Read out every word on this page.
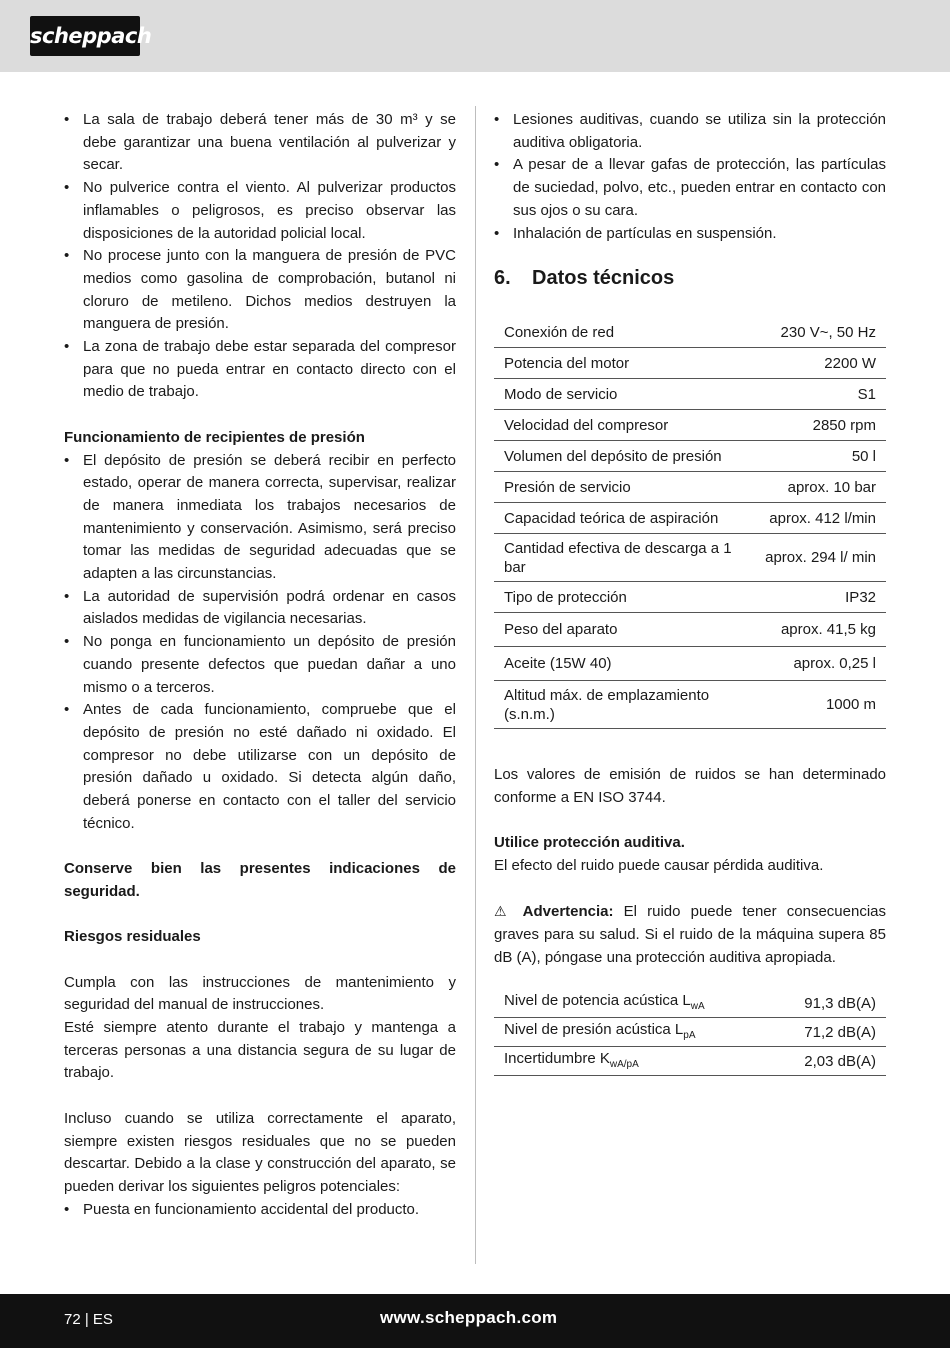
scheppach
• La sala de trabajo deberá tener más de 30 m³ y se debe garantizar una buena ventilación al pulverizar y secar.
• No pulverice contra el viento. Al pulverizar productos inflamables o peligrosos, es preciso observar las disposiciones de la autoridad policial local.
• No procese junto con la manguera de presión de PVC medios como gasolina de comprobación, butanol ni cloruro de metileno. Dichos medios destruyen la manguera de presión.
• La zona de trabajo debe estar separada del compresor para que no pueda entrar en contacto directo con el medio de trabajo.

Funcionamiento de recipientes de presión

• El depósito de presión se deberá recibir en perfecto estado, operar de manera correcta, supervisar, realizar de manera inmediata los trabajos necesarios de mantenimiento y conservación. Asimismo, será preciso tomar las medidas de seguridad adecuadas que se adapten a las circunstancias.
• La autoridad de supervisión podrá ordenar en casos aislados medidas de vigilancia necesarias.
• No ponga en funcionamiento un depósito de presión cuando presente defectos que puedan dañar a uno mismo o a terceros.
• Antes de cada funcionamiento, compruebe que el depósito de presión no esté dañado ni oxidado. El compresor no debe utilizarse con un depósito de presión dañado u oxidado. Si detecta algún daño, deberá ponerse en contacto con el taller del servicio técnico.

Conserve bien las presentes indicaciones de seguridad.

Riesgos residuales

Cumpla con las instrucciones de mantenimiento y seguridad del manual de instrucciones.

Esté siempre atento durante el trabajo y mantenga a terceras personas a una distancia segura de su lugar de trabajo.

Incluso cuando se utiliza correctamente el aparato, siempre existen riesgos residuales que no se pueden descartar. Debido a la clase y construcción del aparato, se pueden derivar los siguientes peligros potenciales:

• Puesta en funcionamiento accidental del producto.
• Lesiones auditivas, cuando se utiliza sin la protección auditiva obligatoria.
• A pesar de a llevar gafas de protección, las partículas de suciedad, polvo, etc., pueden entrar en contacto con sus ojos o su cara.
• Inhalación de partículas en suspensión.
6. Datos técnicos
Conexión de red	230 V~, 50 Hz
Potencia del motor	2200 W
Modo de servicio	S1
Velocidad del compresor	2850 rpm
Volumen del depósito de presión	50 l
Presión de servicio	aprox. 10 bar
Capacidad teórica de aspiración	aprox. 412 l/min
Cantidad efectiva de descarga a 1 bar	aprox. 294 l/ min
Tipo de protección	IP32
Peso del aparato	aprox. 41,5 kg
Aceite (15W 40)	aprox. 0,25 l
Altitud máx. de emplazamiento (s.n.m.)	1000 m

Los valores de emisión de ruidos se han determinado conforme a EN ISO 3744.

Utilice protección auditiva.

El efecto del ruido puede causar pérdida auditiva.

⚠ Advertencia: El ruido puede tener consecuencias graves para su salud. Si el ruido de la máquina supera 85 dB (A), póngase una protección auditiva apropiada.

Nivel de potencia acústica $L_{wA}$	91,3 dB(A)
Nivel de presión acústica $L_{pA}$	71,2 dB(A)
Incertidumbre $K_{wA/pA}$	2,03 dB(A)
72 | ES	www.scheppach.com
